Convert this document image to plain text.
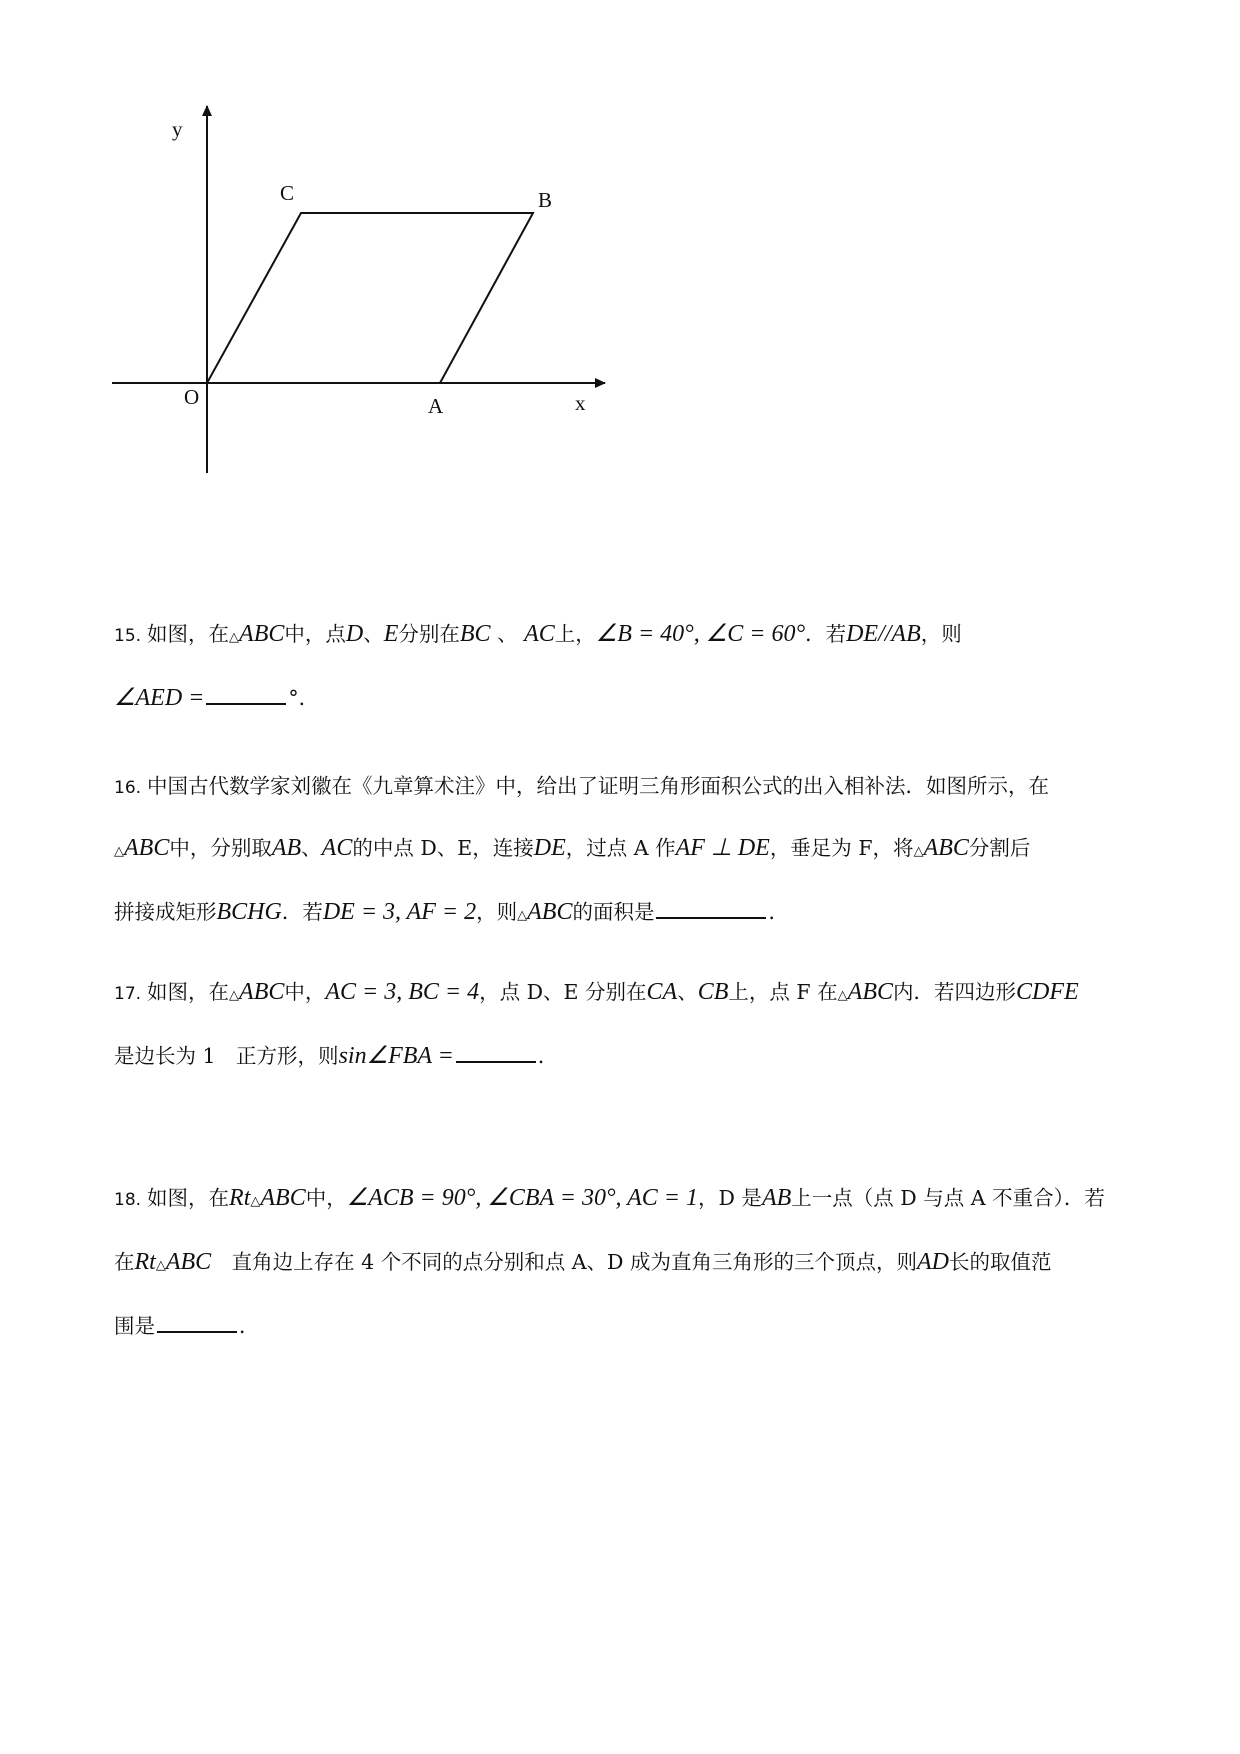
y
x
O	A
B
C
15. 如图，在△ABC中，点D、E分别在BC 、 AC上，∠B = 40°, ∠C = 60°．若DE//AB，则
∠AED =	°．
16. 中国古代数学家刘徽在《九章算术注》中，给出了证明三角形面积公式的出入相补法．如图所示，在
△ABC中，分别取AB、AC的中点 D、E，连接DE，过点 A 作AF ⊥ DE，垂足为 F，将△ABC分割后
拼接成矩形BCHG．若DE = 3, AF = 2，则△ABC的面积是	．
17. 如图，在△ABC中，AC = 3, BC = 4，点 D、E 分别在CA、CB上，点 F 在△ABC内．若四边形CDFE
是边长为 1　正方形，则sin∠FBA =	．
18. 如图，在Rt△ABC中，∠ACB = 90°, ∠CBA = 30°, AC = 1，D 是AB上一点（点 D 与点 A 不重合）．若
在Rt△ABC　直角边上存在 4 个不同的点分别和点 A、D 成为直角三角形的三个顶点，则AD长的取值范
围是	．
